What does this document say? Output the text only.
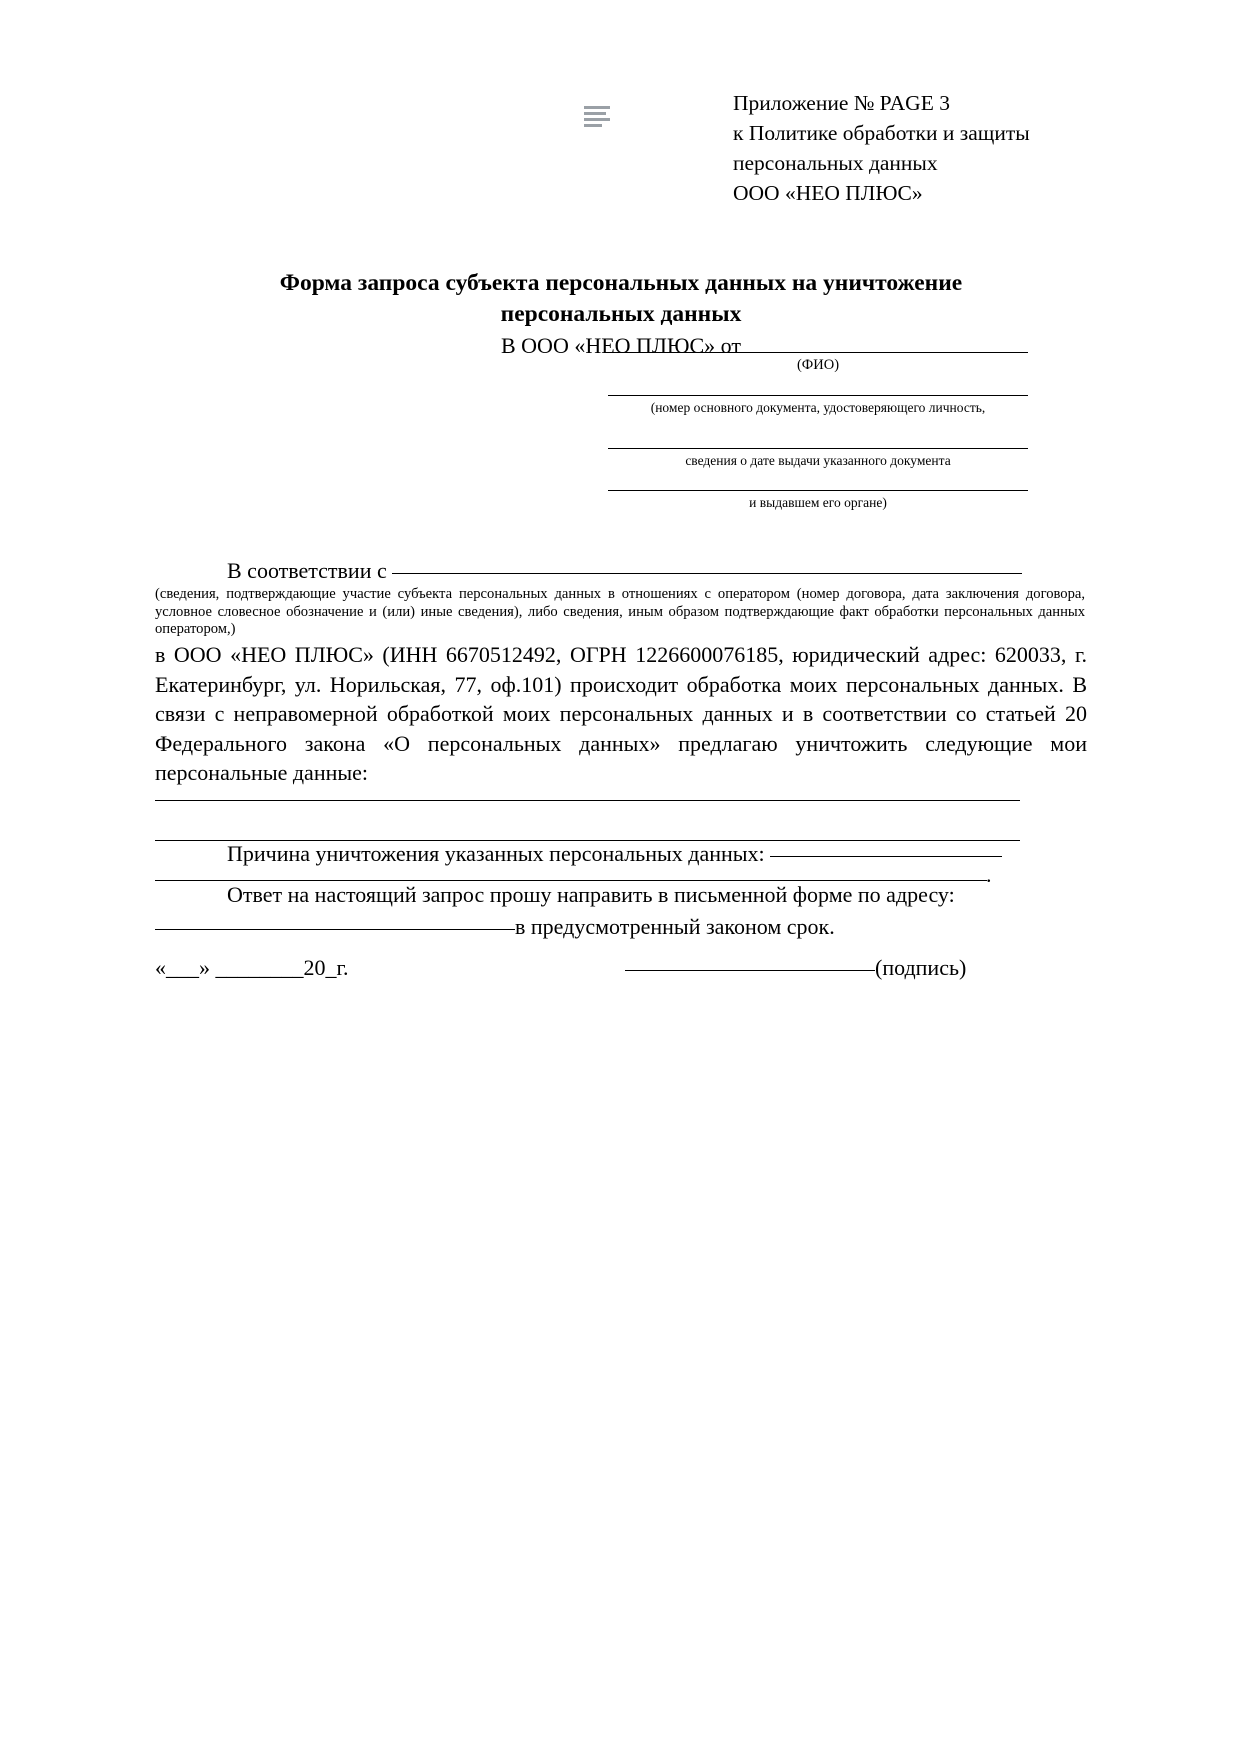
Приложение № PAGE 3
к Политике обработки и защиты
персональных данных
ООО «НЕО ПЛЮС»
Форма запроса субъекта персональных данных на уничтожение
персональных данных
В ООО «НЕО ПЛЮС» от
(ФИО)
(номер основного документа, удостоверяющего личность,
сведения о дате выдачи указанного документа
и выдавшем его органе)
В соответствии с
(сведения, подтверждающие участие субъекта персональных данных в отношениях с оператором (номер договора, дата заключения договора, условное словесное обозначение и (или) иные сведения), либо сведения, иным образом подтверждающие факт обработки персональных данных оператором,)
в ООО «НЕО ПЛЮС» (ИНН 6670512492, ОГРН 1226600076185, юридический адрес: 620033, г. Екатеринбург, ул. Норильская, 77, оф.101) происходит обработка моих персональных данных. В связи с неправомерной обработкой моих персональных данных и в соответствии со статьей 20 Федерального закона «О персональных данных» предлагаю уничтожить следующие мои персональные данные:
Причина уничтожения указанных персональных данных:
.
Ответ на настоящий запрос прошу направить в письменной форме по адресу:
в предусмотренный законом срок.
«___» ________20_г.	(подпись)
